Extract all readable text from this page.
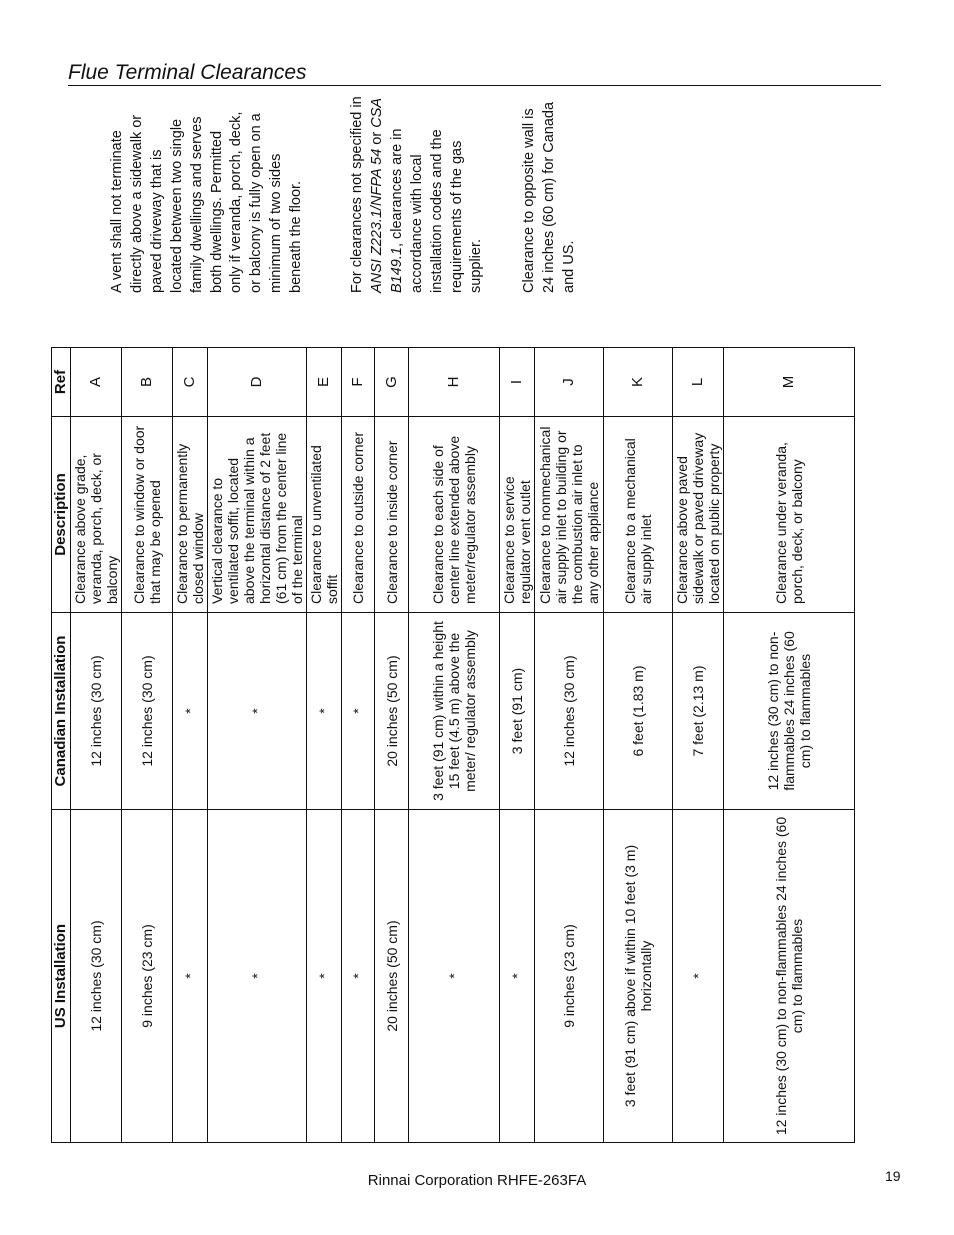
Flue Terminal Clearances
A vent shall not terminate directly above a sidewalk or paved driveway that is located between two single family dwellings and serves both dwellings. Permitted only if veranda, porch, deck, or balcony is fully open on a minimum of two sides beneath the floor.	For clearances not specified in ANSI Z223.1/NFPA 54 or CSA B149.1, clearances are in accordance with local installation codes and the requirements of the gas supplier.	Clearance to opposite wall is 24 inches (60 cm) for Canada and US.
US Installation	Canadian Installation	Description	Ref
12 inches (30 cm)	12 inches (30 cm)	Clearance above grade, veranda, porch, deck, or balcony	A
9 inches (23 cm)	12 inches (30 cm)	Clearance to window or door that may be opened	B
*	*	Clearance to permanently closed window	C
*	*	Vertical clearance to ventilated soffit, located above the terminal within a horizontal distance of 2 feet (61 cm) from the center line of the terminal	D
*	*	Clearance to unventilated soffit	E
*	*	Clearance to outside corner	F
20 inches (50 cm)	20 inches (50 cm)	Clearance to inside corner	G
*	3 feet (91 cm) within a height 15 feet (4.5 m) above the meter/ regulator assembly	Clearance to each side of center line extended above meter/regulator assembly	H
*	3 feet (91 cm)	Clearance to service regulator vent outlet	I
9 inches (23 cm)	12 inches (30 cm)	Clearance to nonmechanical air supply inlet to building or the combustion air inlet to any other appliance	J
3 feet (91 cm) above if within 10 feet (3 m) horizontally	6 feet (1.83 m)	Clearance to a mechanical air supply inlet	K
*	7 feet (2.13 m)	Clearance above paved sidewalk or paved driveway located on public property	L
12 inches (30 cm) to non-flammables 24 inches (60 cm) to flammables	12 inches (30 cm) to non-flammables 24 inches (60 cm) to flammables	Clearance under veranda, porch, deck, or balcony	M
Rinnai Corporation RHFE-263FA	19
